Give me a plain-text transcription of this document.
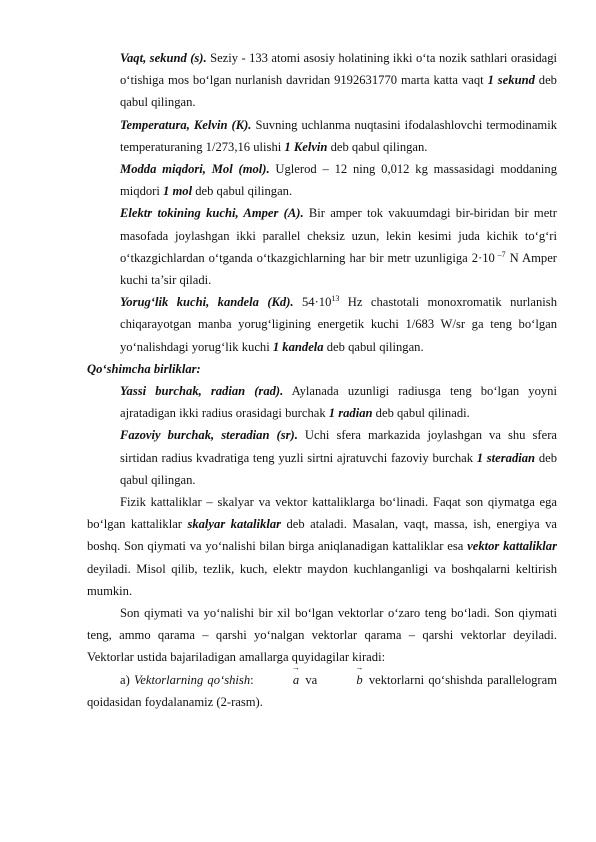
Vaqt, sekund (s). Seziy - 133 atomi asosiy holatining ikki o‘ta nozik sathlari orasidagi o‘tishiga mos bo‘lgan nurlanish davridan 9192631770 marta katta vaqt 1 sekund deb qabul qilingan.

Temperatura, Kelvin (K). Suvning uchlanma nuqtasini ifodalashlovchi termodinamik temperaturaning 1/273,16 ulishi 1 Kelvin deb qabul qilingan.

Modda miqdori, Mol (mol). Uglerod – 12 ning 0,012 kg massasidagi moddaning miqdori 1 mol deb qabul qilingan.

Elektr tokining kuchi, Amper (A). Bir amper tok vakuumdagi bir-biridan bir metr masofada joylashgan ikki parallel cheksiz uzun, lekin kesimi juda kichik to‘g‘ri o‘tkazgichlardan o‘tganda o‘tkazgichlarning har bir metr uzunligiga 2·10 $^{-7}$ N Amper kuchi ta’sir qiladi.

Yorug‘lik kuchi, kandela (Kd). $54\cdot 10^{13}$ Hz chastotali monoxromatik nurlanish chiqarayotgan manba yorug‘ligining energetik kuchi 1/683 W/sr ga teng bo‘lgan yo‘nalishdagi yorug‘lik kuchi 1 kandela deb qabul qilingan.

Qo‘shimcha birliklar:

Yassi burchak, radian (rad). Aylanada uzunligi radiusga teng bo‘lgan yoyni ajratadigan ikki radius orasidagi burchak 1 radian deb qabul qilinadi.

Fazoviy burchak, steradian (sr). Uchi sfera markazida joylashgan va shu sfera sirtidan radius kvadratiga teng yuzli sirtni ajratuvchi fazoviy burchak 1 steradian deb qabul qilingan.

Fizik kattaliklar – skalyar va vektor kattaliklarga bo‘linadi. Faqat son qiymatga ega bo‘lgan kattaliklar skalyar kataliklar deb ataladi. Masalan, vaqt, massa, ish, energiya va boshq. Son qiymati va yo‘nalishi bilan birga aniqlanadigan kattaliklar esa vektor kattaliklar deyiladi. Misol qilib, tezlik, kuch, elektr maydon kuchlanganligi va boshqalarni keltirish mumkin.

Son qiymati va yo‘nalishi bir xil bo‘lgan vektorlar o‘zaro teng bo‘ladi. Son qiymati teng, ammo qarama – qarshi yo‘nalgan vektorlar qarama – qarshi vektorlar deyiladi. Vektorlar ustida bajariladigan amallarga quyidagilar kiradi:

a) Vektorlarning qo‘shish:	→ a va	→ b vektorlarni qo‘shishda parallelogram qoidasidan foydalanamiz (2-rasm).
